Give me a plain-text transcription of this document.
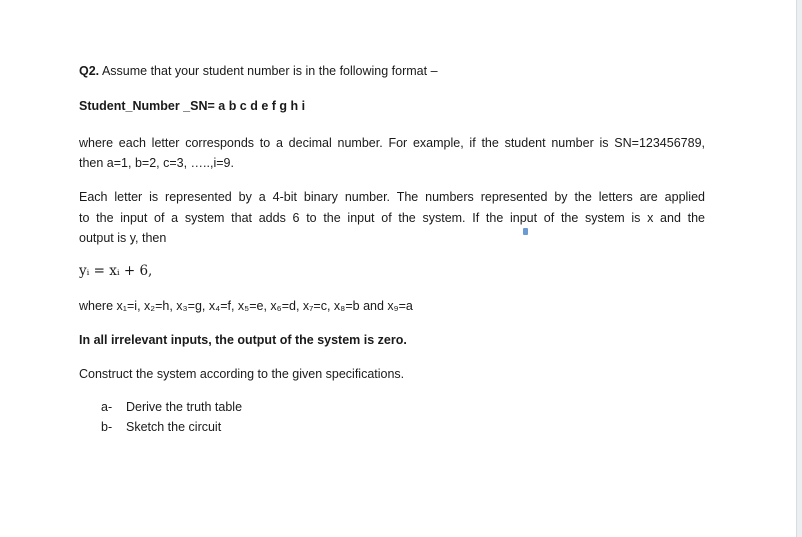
Q2. Assume that your student number is in the following format –
Student_Number _SN= a b c d e f g h i
where each letter corresponds to a decimal number. For example, if the student number is SN=123456789,
then a=1, b=2, c=3, …..,i=9.
Each letter is represented by a 4-bit binary number. The numbers represented by the letters are applied
to the input of a system that adds 6 to the input of the system. If the input of the system is x and the
output is y, then
yᵢ = xᵢ + 6,
where x₁=i, x₂=h, x₃=g, x₄=f, x₅=e, x₆=d, x₇=c, x₈=b and x₉=a
In all irrelevant inputs, the output of the system is zero.
Construct the system according to the given specifications.
a- Derive the truth table
b- Sketch the circuit
